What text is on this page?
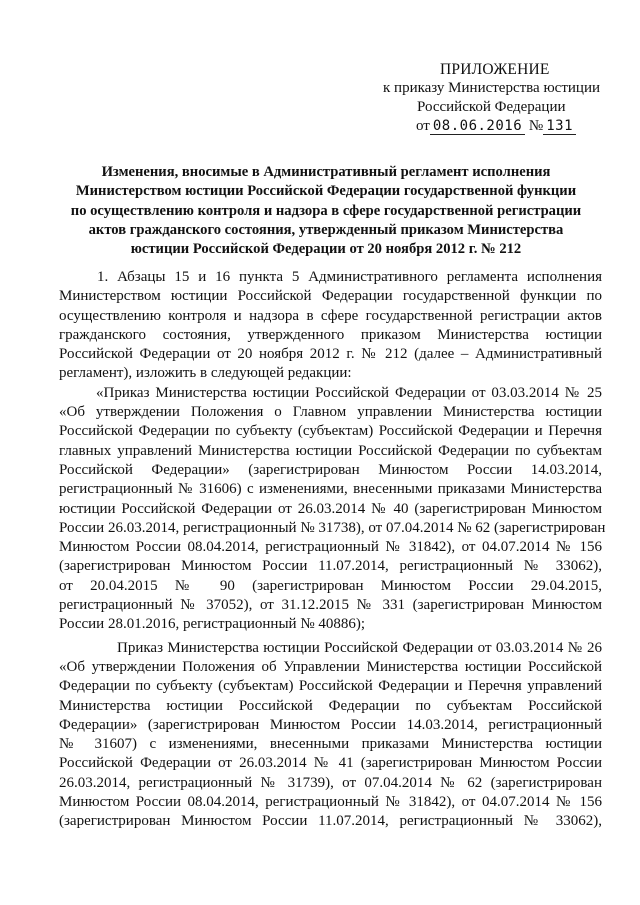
ПРИЛОЖЕНИЕ
к приказу Министерства юстиции
Российской Федерации
от 08.06.2016 № 131
Изменения, вносимые в Административный регламент исполнения
Министерством юстиции Российской Федерации государственной функции
по осуществлению контроля и надзора в сфере государственной регистрации
актов гражданского состояния, утвержденный приказом Министерства
юстиции Российской Федерации от 20 ноября 2012 г. № 212
1. Абзацы 15 и 16 пункта 5 Административного регламента исполнения
Министерством юстиции Российской Федерации государственной функции по
осуществлению контроля и надзора в сфере государственной регистрации актов
гражданского состояния, утвержденного приказом Министерства юстиции
Российской Федерации от 20 ноября 2012 г. № 212 (далее – Административный
регламент), изложить в следующей редакции:
«Приказ Министерства юстиции Российской Федерации от 03.03.2014 № 25
«Об утверждении Положения о Главном управлении Министерства юстиции
Российской Федерации по субъекту (субъектам) Российской Федерации и Перечня
главных управлений Министерства юстиции Российской Федерации по субъектам
Российской Федерации» (зарегистрирован Минюстом России 14.03.2014,
регистрационный № 31606) с изменениями, внесенными приказами Министерства
юстиции Российской Федерации от 26.03.2014 № 40 (зарегистрирован Минюстом
России 26.03.2014, регистрационный № 31738), от 07.04.2014 № 62 (зарегистрирован
Минюстом России 08.04.2014, регистрационный № 31842), от 04.07.2014 № 156
(зарегистрирован Минюстом России 11.07.2014, регистрационный № 33062),
от 20.04.2015 № 90 (зарегистрирован Минюстом России 29.04.2015,
регистрационный № 37052), от 31.12.2015 № 331 (зарегистрирован Минюстом
России 28.01.2016, регистрационный № 40886);
Приказ Министерства юстиции Российской Федерации от 03.03.2014 № 26
«Об утверждении Положения об Управлении Министерства юстиции Российской
Федерации по субъекту (субъектам) Российской Федерации и Перечня управлений
Министерства юстиции Российской Федерации по субъектам Российской
Федерации» (зарегистрирован Минюстом России 14.03.2014, регистрационный
№ 31607) с изменениями, внесенными приказами Министерства юстиции
Российской Федерации от 26.03.2014 № 41 (зарегистрирован Минюстом России
26.03.2014, регистрационный № 31739), от 07.04.2014 № 62 (зарегистрирован
Минюстом России 08.04.2014, регистрационный № 31842), от 04.07.2014 № 156
(зарегистрирован Минюстом России 11.07.2014, регистрационный № 33062),
